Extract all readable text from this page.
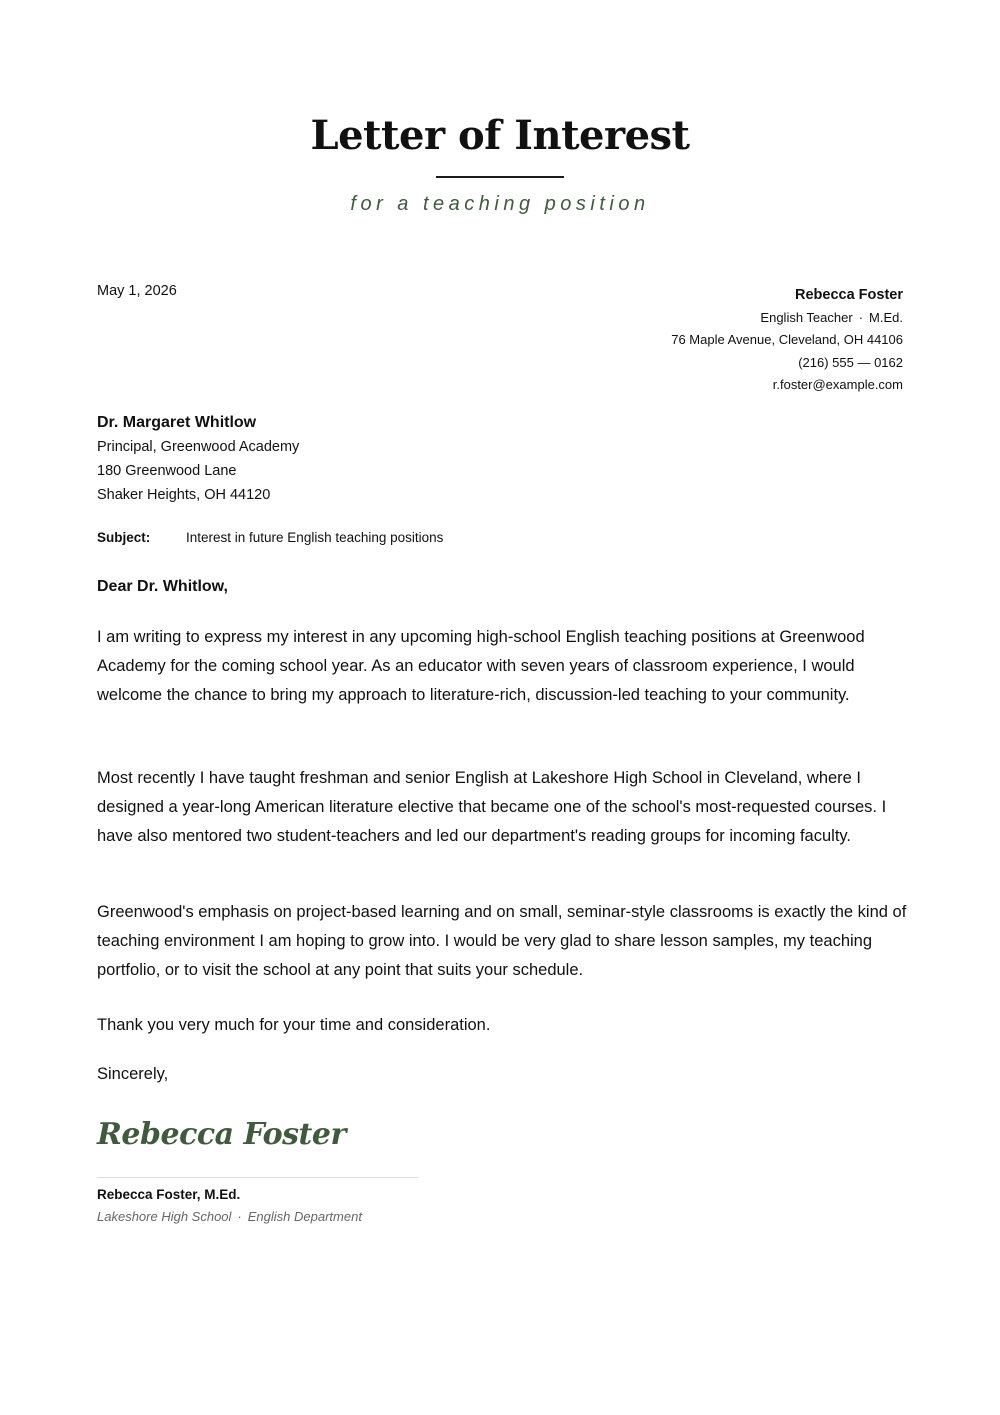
Letter of Interest
for a teaching position
May 1, 2026	Rebecca Foster
English Teacher · M.Ed.
76 Maple Avenue, Cleveland, OH 44106
(216) 555 — 0162
r.foster@example.com
Dr. Margaret Whitlow
Principal, Greenwood Academy
180 Greenwood Lane
Shaker Heights, OH 44120
Subject:	Interest in future English teaching positions
Dear Dr. Whitlow,

I am writing to express my interest in any upcoming high-school English teaching positions at Greenwood Academy for the coming school year. As an educator with seven years of classroom experience, I would welcome the chance to bring my approach to literature-rich, discussion-led teaching to your community.

Most recently I have taught freshman and senior English at Lakeshore High School in Cleveland, where I designed a year-long American literature elective that became one of the school's most-requested courses. I have also mentored two student-teachers and led our department's reading groups for incoming faculty.

Greenwood's emphasis on project-based learning and on small, seminar-style classrooms is exactly the kind of teaching environment I am hoping to grow into. I would be very glad to share lesson samples, my teaching portfolio, or to visit the school at any point that suits your schedule.

Thank you very much for your time and consideration.
Sincerely,
Rebecca Foster
Rebecca Foster, M.Ed.
Lakeshore High School · English Department
